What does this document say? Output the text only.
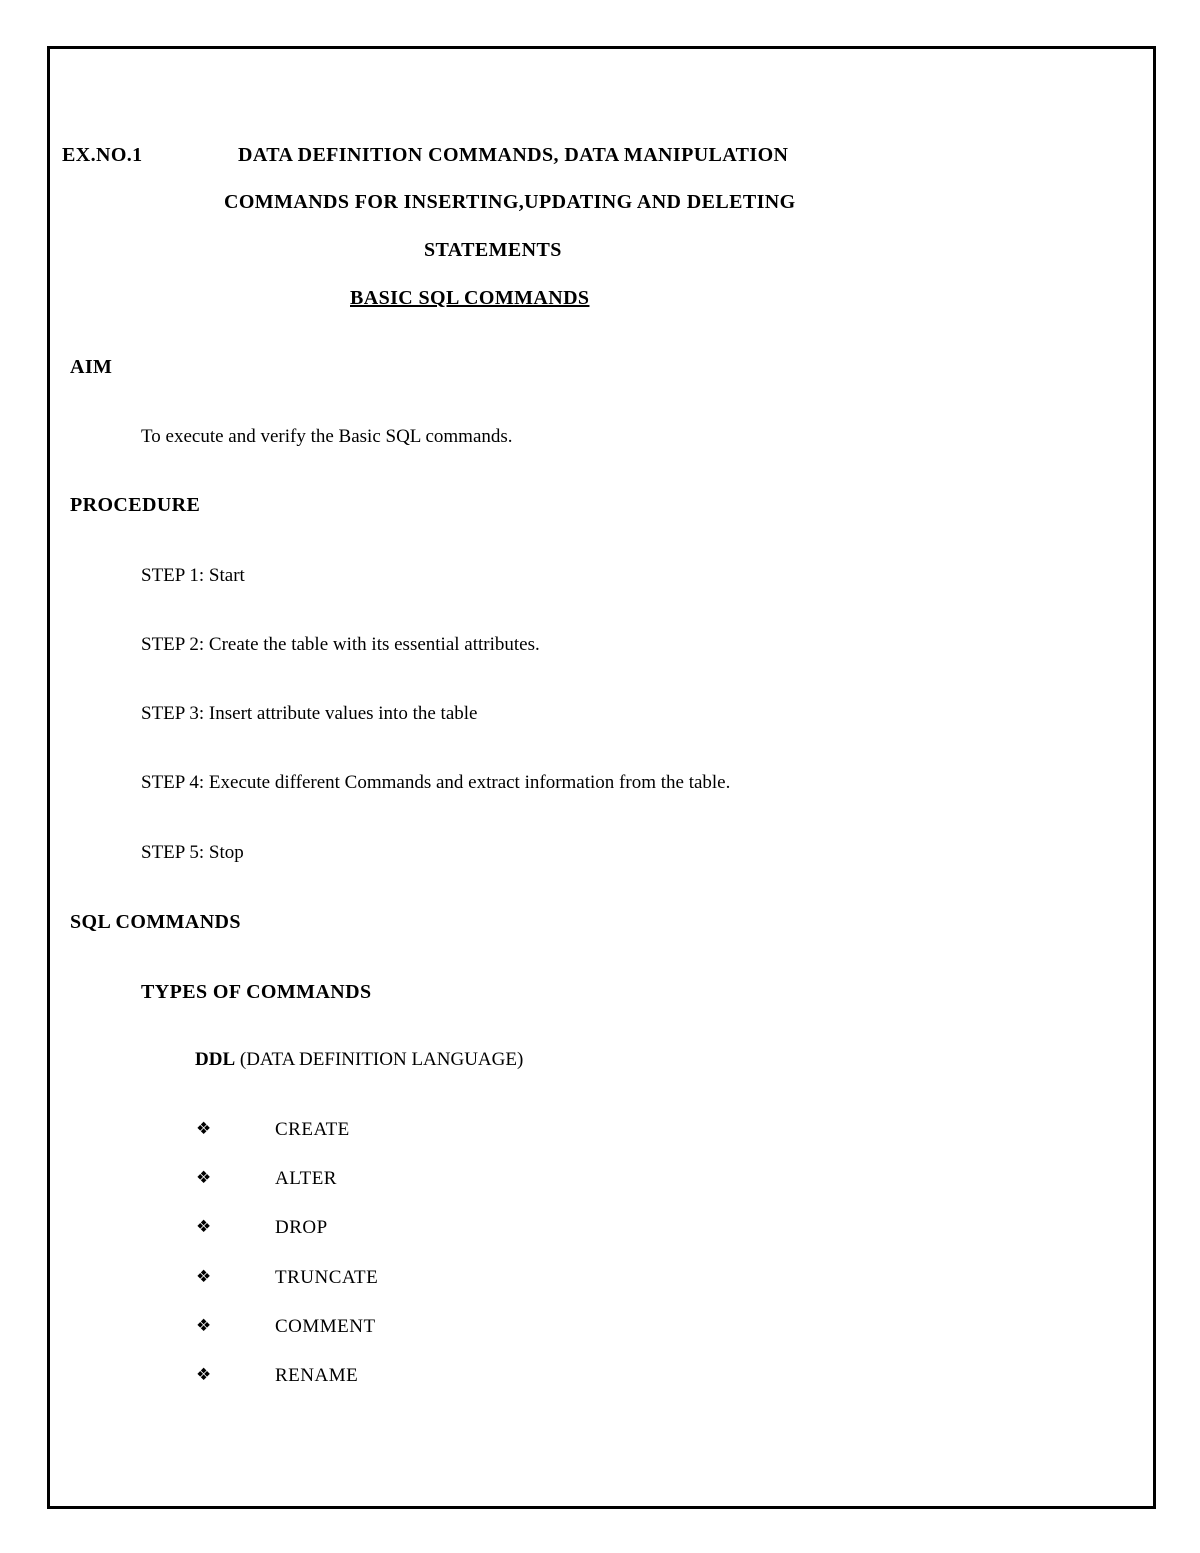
EX.NO.1	DATA DEFINITION COMMANDS, DATA MANIPULATION
COMMANDS FOR INSERTING,UPDATING AND DELETING
STATEMENTS
BASIC SQL COMMANDS
AIM
To execute and verify the Basic SQL commands.
PROCEDURE
STEP 1: Start
STEP 2: Create the table with its essential attributes.
STEP 3: Insert attribute values into the table
STEP 4: Execute different Commands and extract information from the table.
STEP 5: Stop
SQL COMMANDS
TYPES OF COMMANDS
DDL (DATA DEFINITION LANGUAGE)
❖	CREATE
❖	ALTER
❖	DROP
❖	TRUNCATE
❖	COMMENT
❖	RENAME
